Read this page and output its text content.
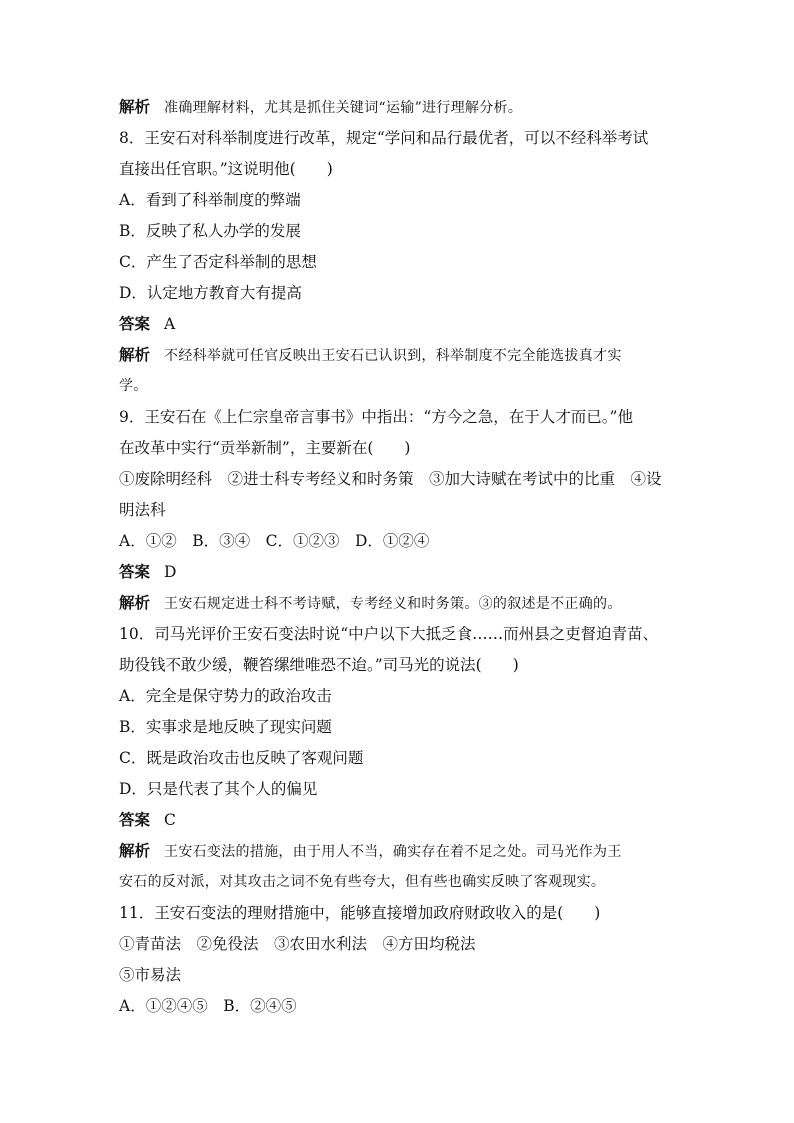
解析 准确理解材料，尤其是抓住关键词“运输”进行理解分析。
8．王安石对科举制度进行改革，规定“学问和品行最优者，可以不经科举考试
直接出任官职。”这说明他(　　)
A．看到了科举制度的弊端
B．反映了私人办学的发展
C．产生了否定科举制的思想
D．认定地方教育大有提高
答案 A
解析 不经科举就可任官反映出王安石已认识到，科举制度不完全能选拔真才实
学。
9．王安石在《上仁宗皇帝言事书》中指出：“方今之急，在于人才而已。”他
在改革中实行“贡举新制”，主要新在(　　)
①废除明经科　②进士科专考经义和时务策　③加大诗赋在考试中的比重　④设
明法科
A．①②　B．③④　C．①②③　D．①②④
答案 D
解析 王安石规定进士科不考诗赋，专考经义和时务策。③的叙述是不正确的。
10．司马光评价王安石变法时说“中户以下大抵乏食……而州县之吏督迫青苗、
助役钱不敢少缓，鞭笞缧绁唯恐不迨。”司马光的说法(　　)
A．完全是保守势力的政治攻击
B．实事求是地反映了现实问题
C．既是政治攻击也反映了客观问题
D．只是代表了其个人的偏见
答案 C
解析 王安石变法的措施，由于用人不当，确实存在着不足之处。司马光作为王
安石的反对派，对其攻击之词不免有些夸大，但有些也确实反映了客观现实。
11．王安石变法的理财措施中，能够直接增加政府财政收入的是(　　)
①青苗法　②免役法　③农田水利法　④方田均税法
⑤市易法
A．①②④⑤　B．②④⑤
